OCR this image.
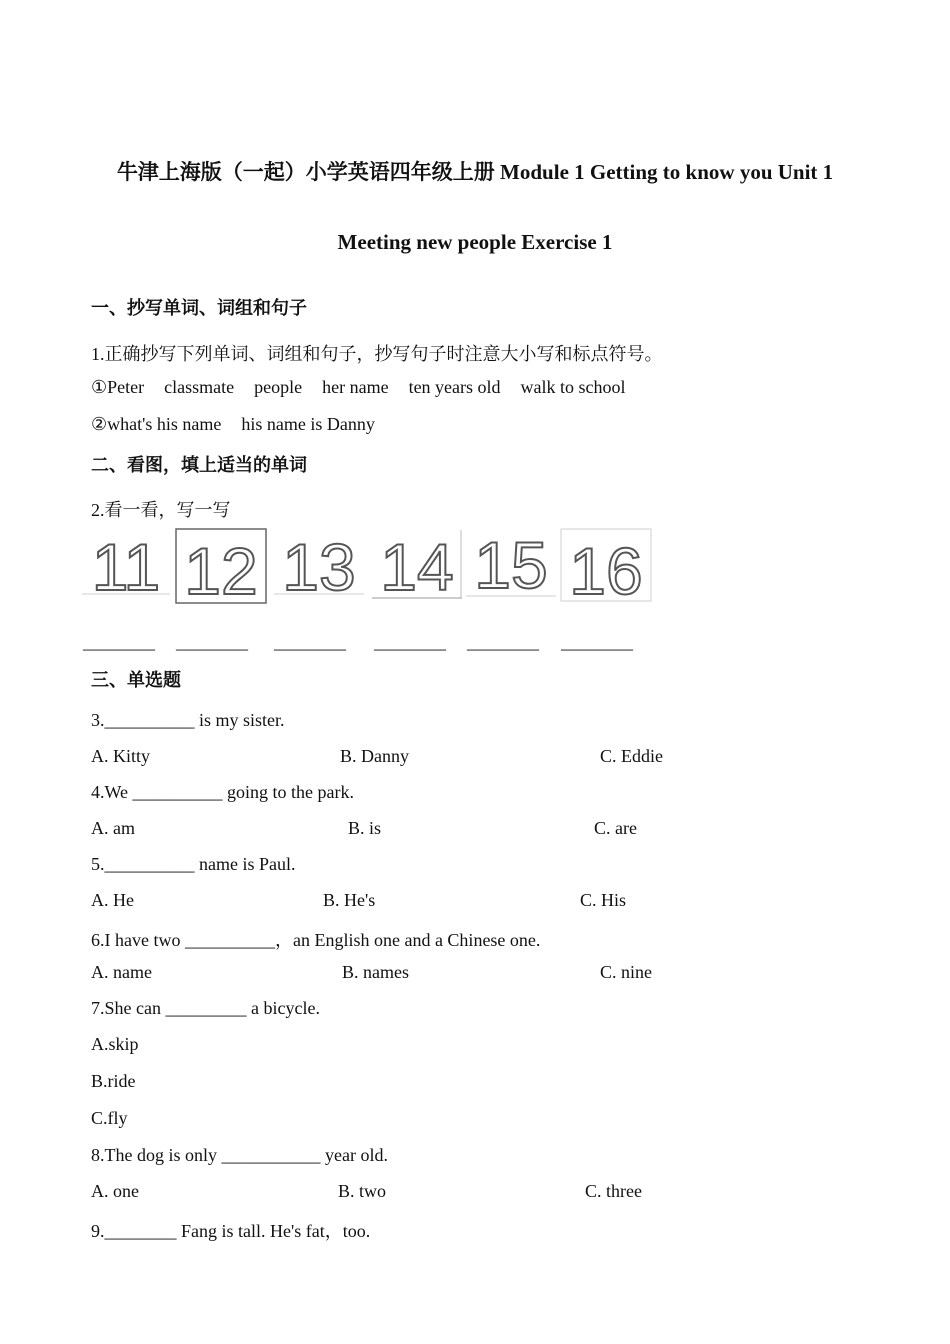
牛津上海版（一起）小学英语四年级上册 Module 1 Getting to know you Unit 1
Meeting new people Exercise 1
一、抄写单词、词组和句子
1.正确抄写下列单词、词组和句子，抄写句子时注意大小写和标点符号。
①Peter classmate people her name ten years old walk to school
②what's his name his name is Danny
二、看图，填上适当的单词
2.看一看，写一写
11 12 13 14 15 16
________ ________ ________ ________ ________ ________
三、单选题
3.__________ is my sister.
A. Kitty	B. Danny	C. Eddie
4.We __________ going to the park.
A. am	B. is	C. are
5.__________ name is Paul.
A. He	B. He's	C. His
6.I have two __________，an English one and a Chinese one.
A. name	B. names	C. nine
7.She can _________ a bicycle.
A.skip
B.ride
C.fly
8.The dog is only ___________ year old.
A. one	B. two	C. three
9.________ Fang is tall. He's fat，too.
